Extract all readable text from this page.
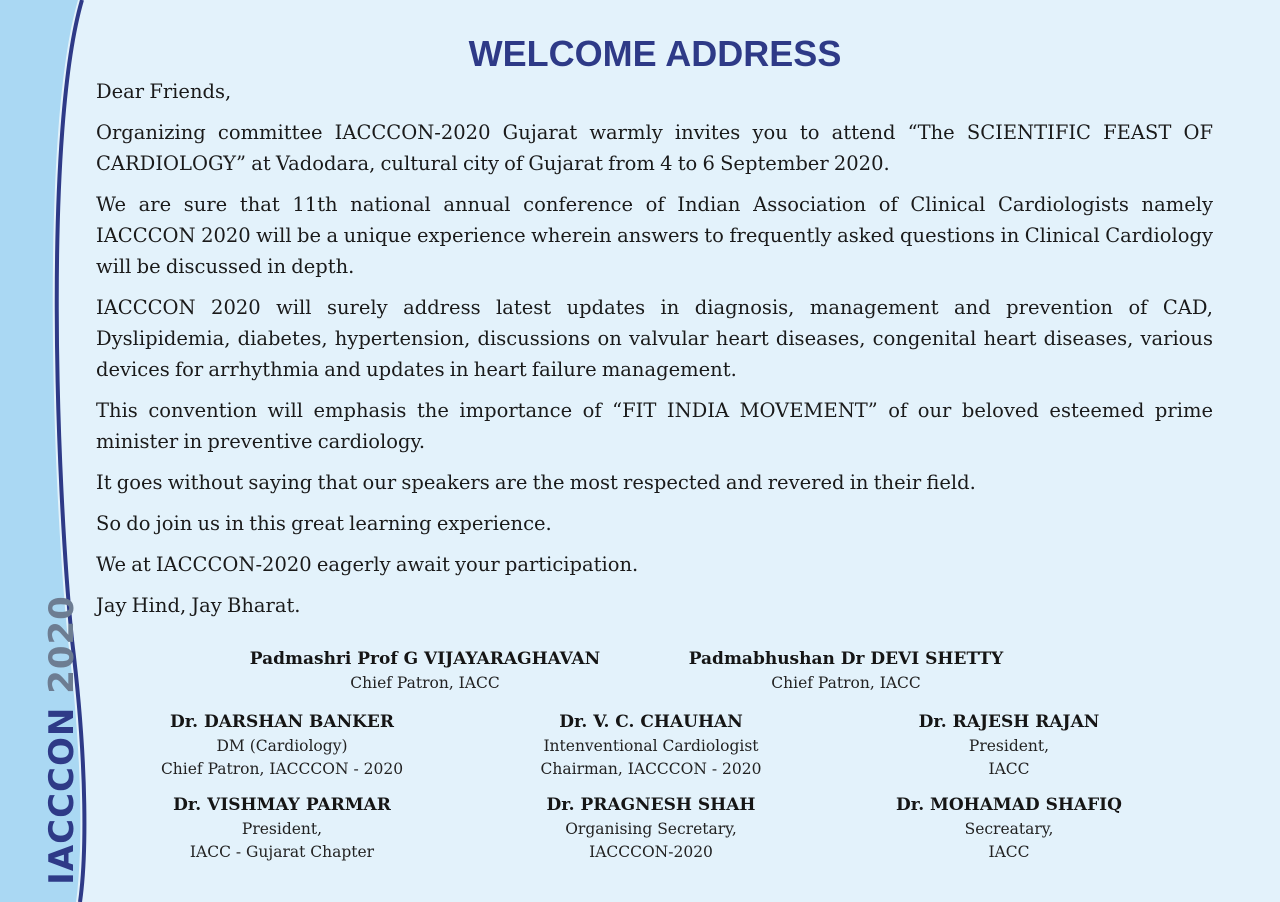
IACCCON 2020
WELCOME ADDRESS

Dear Friends,

Organizing committee IACCCON-2020 Gujarat warmly invites you to attend “The SCIENTIFIC FEAST OF CARDIOLOGY” at Vadodara, cultural city of Gujarat from 4 to 6 September 2020.

We are sure that 11th national annual conference of Indian Association of Clinical Cardiologists namely IACCCON 2020 will be a unique experience wherein answers to frequently asked questions in Clinical Cardiology will be discussed in depth.

IACCCON 2020 will surely address latest updates in diagnosis, management and prevention of CAD, Dyslipidemia, diabetes, hypertension, discussions on valvular heart diseases, congenital heart diseases, various devices for arrhythmia and updates in heart failure management.

This convention will emphasis the importance of “FIT INDIA MOVEMENT” of our beloved esteemed prime minister in preventive cardiology.

It goes without saying that our speakers are the most respected and revered in their field.

So do join us in this great learning experience.

We at IACCCON-2020 eagerly await your participation.

Jay Hind, Jay Bharat.

Padmashri Prof G VIJAYARAGHAVAN
Chief Patron, IACC
Padmabhushan Dr DEVI SHETTY
Chief Patron, IACC
Dr. DARSHAN BANKER
DM (Cardiology)
Chief Patron, IACCCON - 2020
Dr. V. C. CHAUHAN
Intenventional Cardiologist
Chairman, IACCCON - 2020
Dr. RAJESH RAJAN
President,
IACC
Dr. VISHMAY PARMAR
President,
IACC - Gujarat Chapter
Dr. PRAGNESH SHAH
Organising Secretary,
IACCCON-2020
Dr. MOHAMAD SHAFIQ
Secreatary,
IACC
